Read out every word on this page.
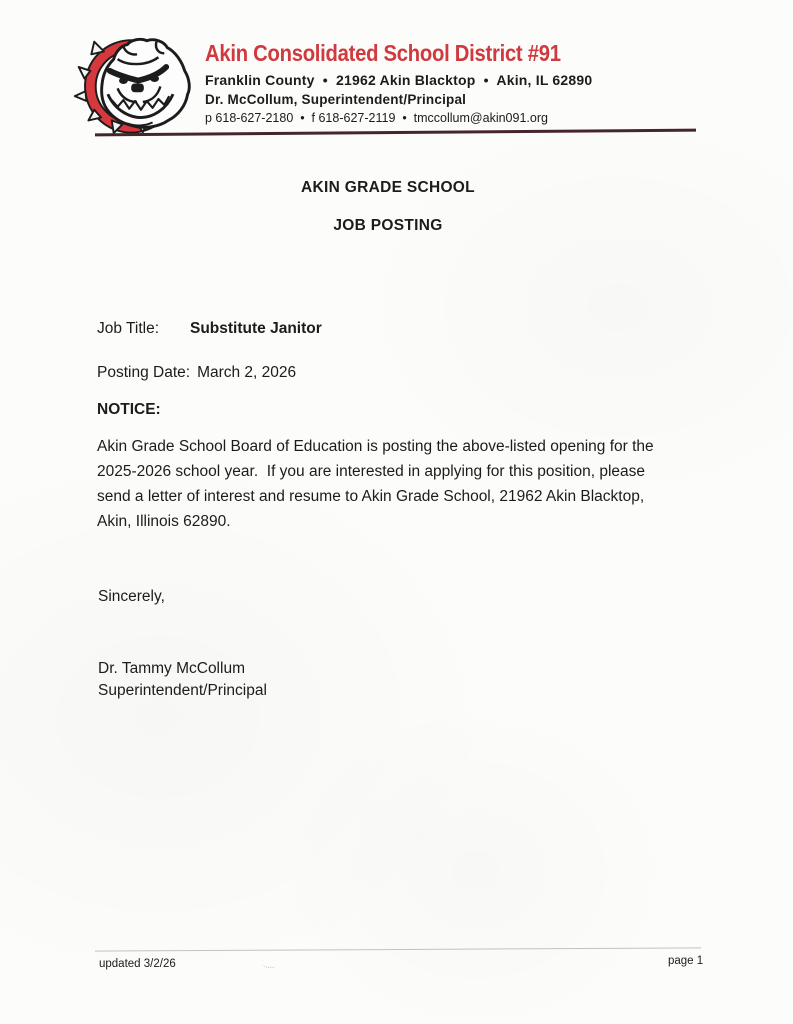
Akin Consolidated School District #91
Franklin County  •  21962 Akin Blacktop  •  Akin, IL 62890
Dr. McCollum, Superintendent/Principal
p 618-627-2180  •  f 618-627-2119  •  tmccollum@akin091.org
AKIN GRADE SCHOOL
JOB POSTING
Job Title: Substitute Janitor
Posting Date: March 2, 2026
NOTICE:
Akin Grade School Board of Education is posting the above-listed opening for the
2025-2026 school year.  If you are interested in applying for this position, please
send a letter of interest and resume to Akin Grade School, 21962 Akin Blacktop,
Akin, Illinois 62890.
Sincerely,
Dr. Tammy McCollum
Superintendent/Principal
updated 3/2/26	page 1
